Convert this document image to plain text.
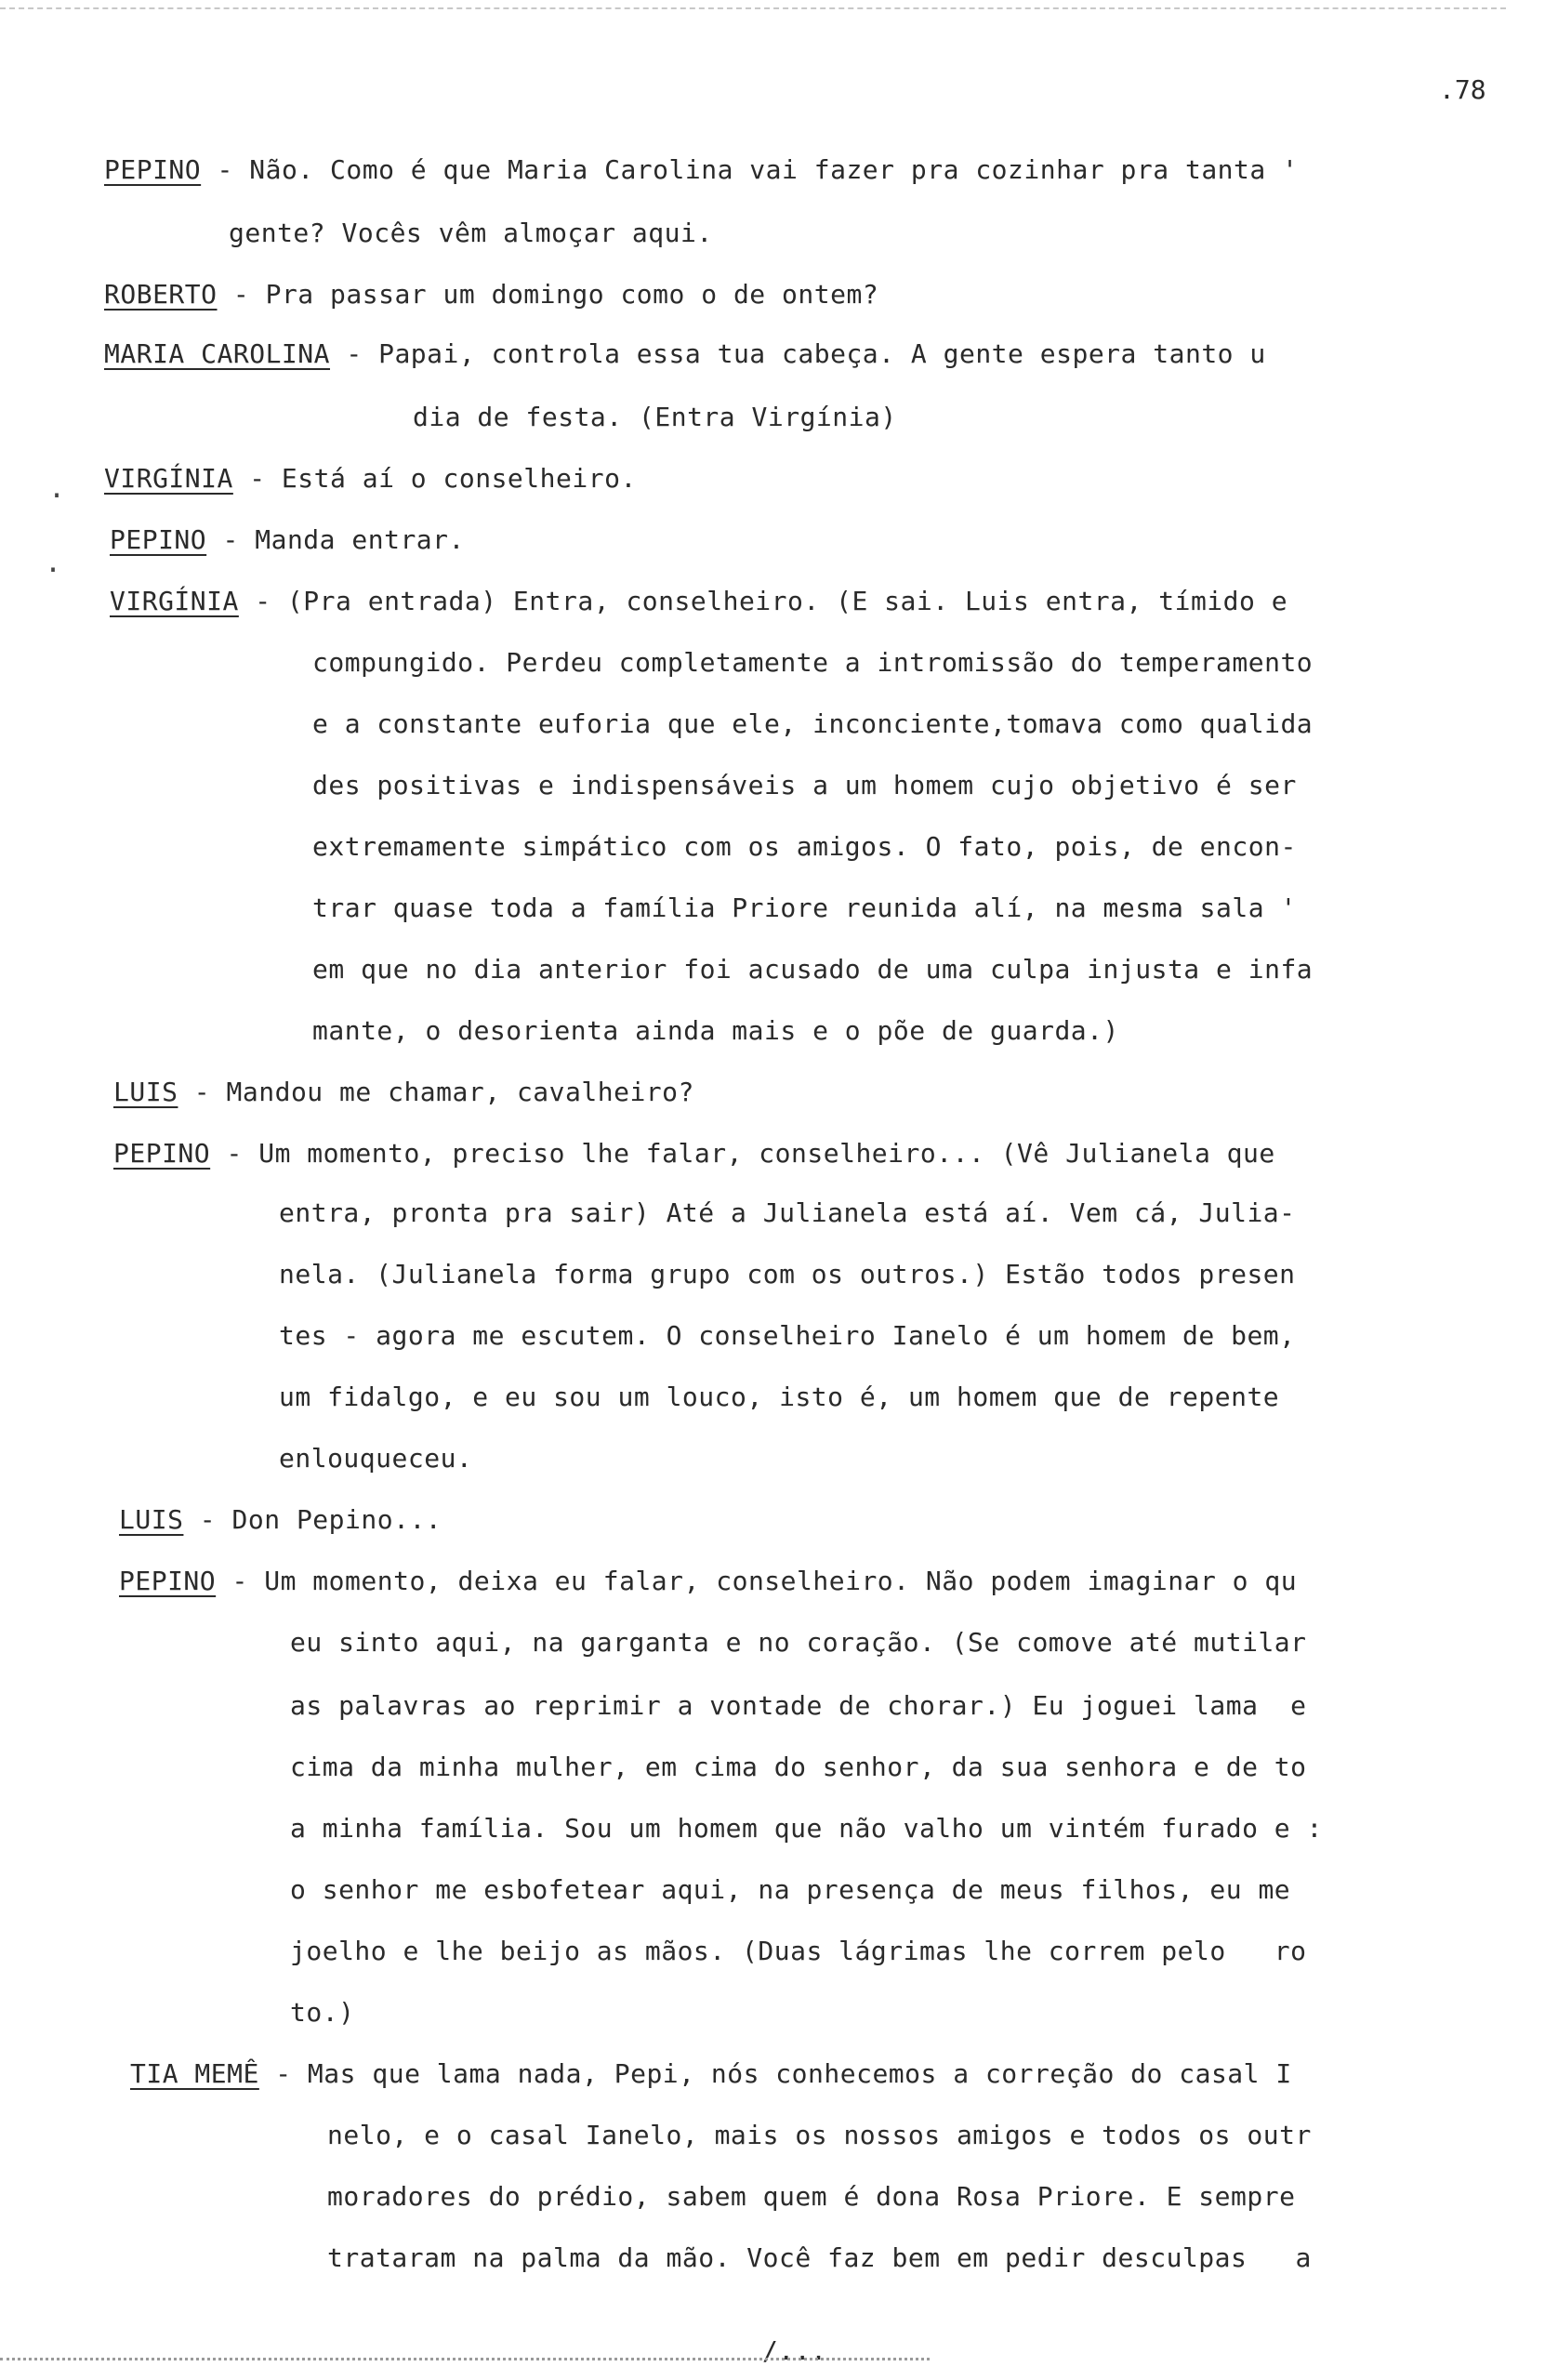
.78
PEPINO - Não. Como é que Maria Carolina vai fazer pra cozinhar pra tanta '
gente? Vocês vêm almoçar aqui.
ROBERTO - Pra passar um domingo como o de ontem?
MARIA CAROLINA - Papai, controla essa tua cabeça. A gente espera tanto u
dia de festa. (Entra Virgínia)
VIRGÍNIA - Está aí o conselheiro.
PEPINO - Manda entrar.
VIRGÍNIA - (Pra entrada) Entra, conselheiro. (E sai. Luis entra, tímido e
compungido. Perdeu completamente a intromissão do temperamento
e a constante euforia que ele, inconciente,tomava como qualida
des positivas e indispensáveis a um homem cujo objetivo é ser
extremamente simpático com os amigos. O fato, pois, de encon-
trar quase toda a família Priore reunida alí, na mesma sala '
em que no dia anterior foi acusado de uma culpa injusta e infa
mante, o desorienta ainda mais e o põe de guarda.)
LUIS - Mandou me chamar, cavalheiro?
PEPINO - Um momento, preciso lhe falar, conselheiro... (Vê Julianela que
entra, pronta pra sair) Até a Julianela está aí. Vem cá, Julia-
nela. (Julianela forma grupo com os outros.) Estão todos presen
tes - agora me escutem. O conselheiro Ianelo é um homem de bem,
um fidalgo, e eu sou um louco, isto é, um homem que de repente
enlouqueceu.
LUIS - Don Pepino...
PEPINO - Um momento, deixa eu falar, conselheiro. Não podem imaginar o qu
eu sinto aqui, na garganta e no coração. (Se comove até mutilar
as palavras ao reprimir a vontade de chorar.) Eu joguei lama  e
cima da minha mulher, em cima do senhor, da sua senhora e de to
a minha família. Sou um homem que não valho um vintém furado e :
o senhor me esbofetear aqui, na presença de meus filhos, eu me
joelho e lhe beijo as mãos. (Duas lágrimas lhe correm pelo   ro
to.)
TIA MEMÊ - Mas que lama nada, Pepi, nós conhecemos a correção do casal I
nelo, e o casal Ianelo, mais os nossos amigos e todos os outr
moradores do prédio, sabem quem é dona Rosa Priore. E sempre
trataram na palma da mão. Você faz bem em pedir desculpas   a
.
.
/...
